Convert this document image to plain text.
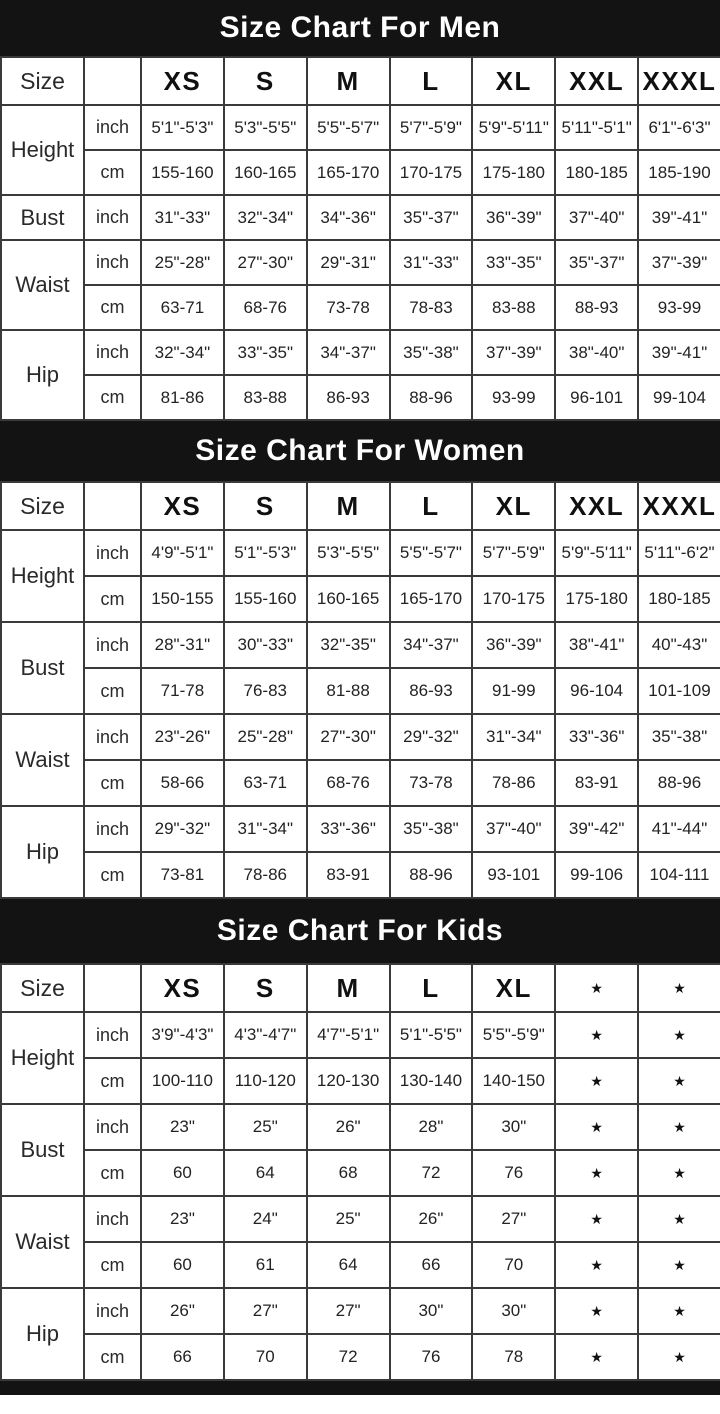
Size Chart For Men
Size		XS	S	M	L	XL	XXL	XXXL
Height	inch	5'1"-5'3"	5'3"-5'5"	5'5"-5'7"	5'7"-5'9"	5'9"-5'11"	5'11"-5'1"	6'1"-6'3"
	cm	155-160	160-165	165-170	170-175	175-180	180-185	185-190
Bust	inch	31"-33"	32"-34"	34"-36"	35"-37"	36"-39"	37"-40"	39"-41"
Waist	inch	25"-28"	27"-30"	29"-31"	31"-33"	33"-35"	35"-37"	37"-39"
	cm	63-71	68-76	73-78	78-83	83-88	88-93	93-99
Hip	inch	32"-34"	33"-35"	34"-37"	35"-38"	37"-39"	38"-40"	39"-41"
	cm	81-86	83-88	86-93	88-96	93-99	96-101	99-104
Size Chart For Women
Size		XS	S	M	L	XL	XXL	XXXL
Height	inch	4'9"-5'1"	5'1"-5'3"	5'3"-5'5"	5'5"-5'7"	5'7"-5'9"	5'9"-5'11"	5'11"-6'2"
	cm	150-155	155-160	160-165	165-170	170-175	175-180	180-185
Bust	inch	28"-31"	30"-33"	32"-35"	34"-37"	36"-39"	38"-41"	40"-43"
	cm	71-78	76-83	81-88	86-93	91-99	96-104	101-109
Waist	inch	23"-26"	25"-28"	27"-30"	29"-32"	31"-34"	33"-36"	35"-38"
	cm	58-66	63-71	68-76	73-78	78-86	83-91	88-96
Hip	inch	29"-32"	31"-34"	33"-36"	35"-38"	37"-40"	39"-42"	41"-44"
	cm	73-81	78-86	83-91	88-96	93-101	99-106	104-111
Size Chart For Kids
Size		XS	S	M	L	XL	★	★
Height	inch	3'9"-4'3"	4'3"-4'7"	4'7"-5'1"	5'1"-5'5"	5'5"-5'9"	★	★
	cm	100-110	110-120	120-130	130-140	140-150	★	★
Bust	inch	23"	25"	26"	28"	30"	★	★
	cm	60	64	68	72	76	★	★
Waist	inch	23"	24"	25"	26"	27"	★	★
	cm	60	61	64	66	70	★	★
Hip	inch	26"	27"	27"	30"	30"	★	★
	cm	66	70	72	76	78	★	★
